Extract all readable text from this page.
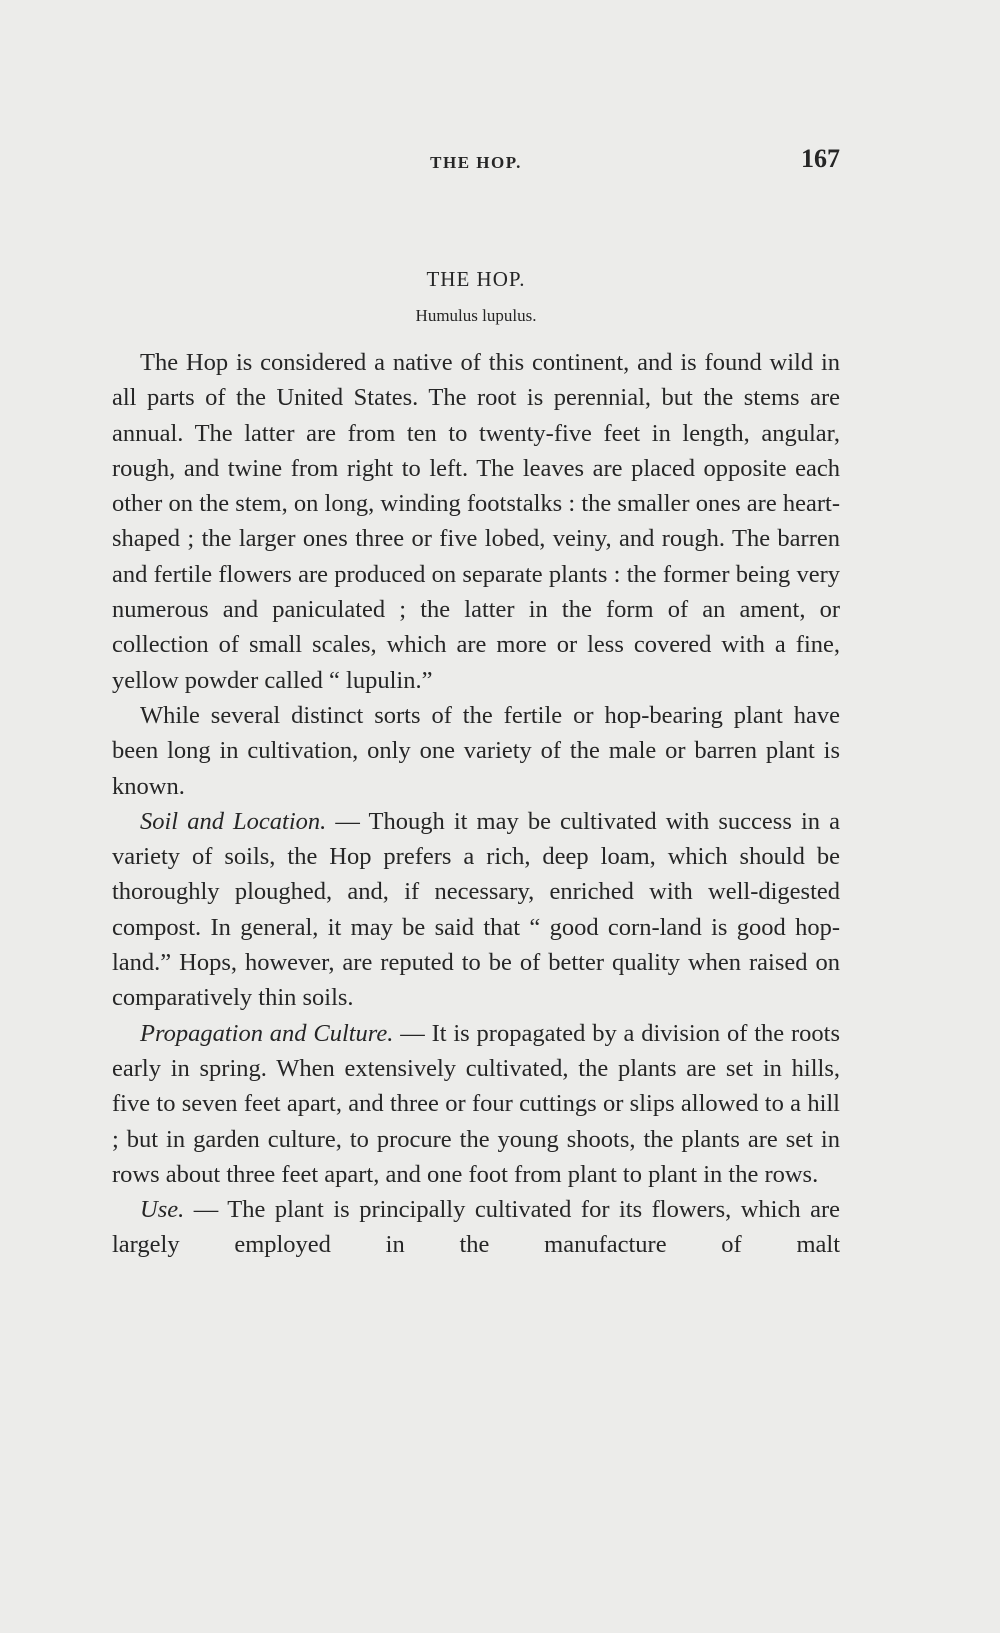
THE HOP.	167
THE HOP.
Humulus lupulus.

The Hop is considered a native of this continent, and is found wild in all parts of the United States. The root is perennial, but the stems are annual. The latter are from ten to twenty-five feet in length, angular, rough, and twine from right to left. The leaves are placed opposite each other on the stem, on long, winding footstalks : the smaller ones are heart-shaped ; the larger ones three or five lobed, veiny, and rough. The barren and fertile flowers are produced on separate plants : the former being very numerous and paniculated ; the latter in the form of an ament, or collection of small scales, which are more or less covered with a fine, yellow powder called “ lupulin.”

While several distinct sorts of the fertile or hop-bearing plant have been long in cultivation, only one variety of the male or barren plant is known.

Soil and Location. — Though it may be cultivated with success in a variety of soils, the Hop prefers a rich, deep loam, which should be thoroughly ploughed, and, if necessary, enriched with well-digested compost. In general, it may be said that “ good corn-land is good hop-land.” Hops, however, are reputed to be of better quality when raised on comparatively thin soils.

Propagation and Culture. — It is propagated by a division of the roots early in spring. When extensively cultivated, the plants are set in hills, five to seven feet apart, and three or four cuttings or slips allowed to a hill ; but in garden culture, to procure the young shoots, the plants are set in rows about three feet apart, and one foot from plant to plant in the rows.

Use. — The plant is principally cultivated for its flowers, which are largely employed in the manufacture of malt
